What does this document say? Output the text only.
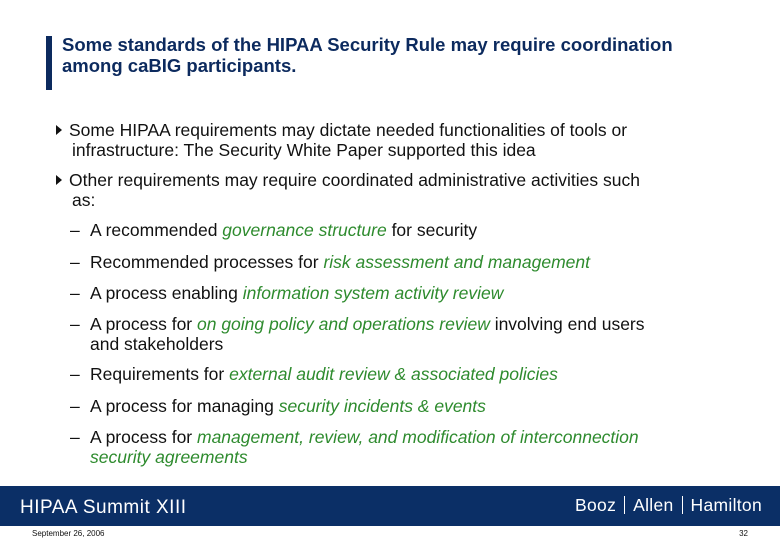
Some standards of the HIPAA Security Rule may require coordination
among caBIG participants.
Some HIPAA requirements may dictate needed functionalities of tools or
infrastructure: The Security White Paper supported this idea
Other requirements may require coordinated administrative activities such
as:
– A recommended governance structure for security
– Recommended processes for risk assessment and management
– A process enabling information system activity review
– A process for on going policy and operations review involving end users
and stakeholders
– Requirements for external audit review & associated policies
– A process for managing security incidents & events
– A process for management, review, and modification of interconnection
security agreements
HIPAA Summit XIII	Booz Allen Hamilton
September 26, 2006	32
